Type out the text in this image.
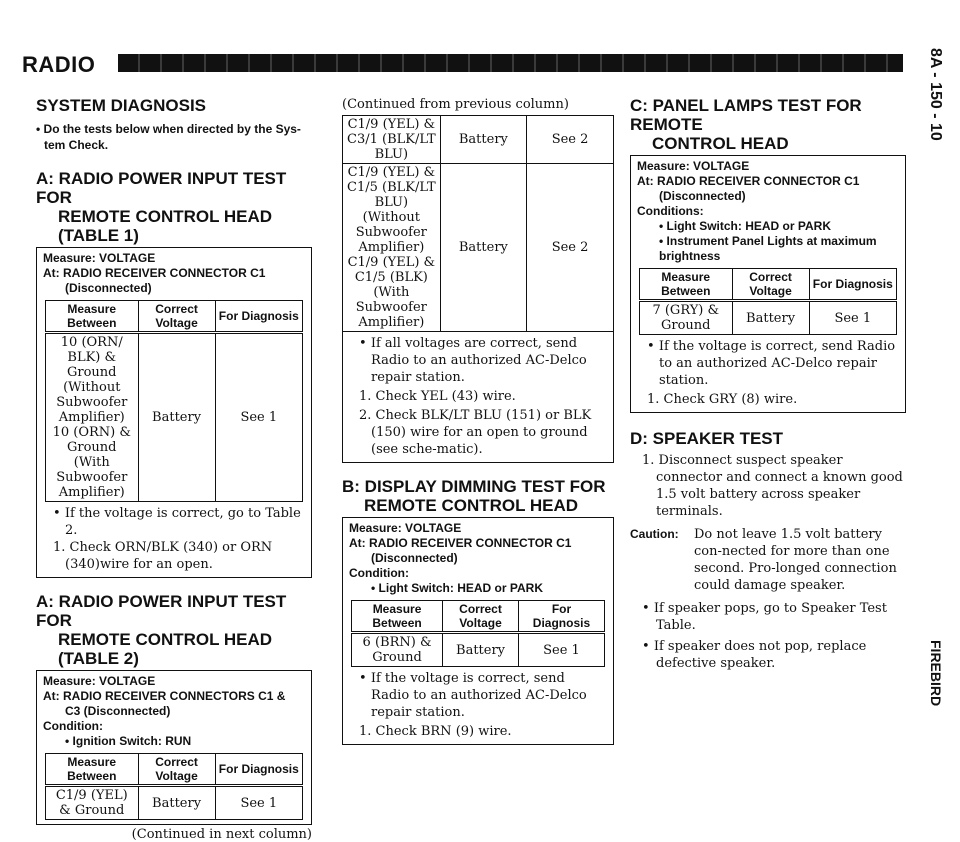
RADIO	8A - 150 - 10
FIREBIRD
SYSTEM DIAGNOSIS
• Do the tests below when directed by the Sys-tem Check.
A: RADIO POWER INPUT TEST FOR
REMOTE CONTROL HEAD (TABLE 1)
Measure: VOLTAGE
At: RADIO RECEIVER CONNECTOR C1
(Disconnected)
Measure Between	Correct Voltage	For Diagnosis
10 (ORN/ BLK) & Ground (Without Subwoofer Amplifier) 10 (ORN) & Ground (With Subwoofer Amplifier)	Battery	See 1
• If the voltage is correct, go to Table 2.
1. Check ORN/BLK (340) or ORN (340)wire for an open.
A: RADIO POWER INPUT TEST FOR
REMOTE CONTROL HEAD (TABLE 2)
Measure: VOLTAGE
At: RADIO RECEIVER CONNECTORS C1 &
C3 (Disconnected)
Condition:
• Ignition Switch: RUN
Measure Between	Correct Voltage	For Diagnosis
C1/9 (YEL) & Ground	Battery	See 1
(Continued in next column)
(Continued from previous column)
C1/9 (YEL) & C3/1 (BLK/LT BLU)	Battery	See 2
C1/9 (YEL) & C1/5 (BLK/LT BLU) (Without Subwoofer Amplifier) C1/9 (YEL) & C1/5 (BLK) (With Subwoofer Amplifier)	Battery	See 2
• If all voltages are correct, send Radio to an authorized AC-Delco repair station.
1. Check YEL (43) wire.
2. Check BLK/LT BLU (151) or BLK (150) wire for an open to ground (see sche-matic).
B: DISPLAY DIMMING TEST FOR
REMOTE CONTROL HEAD
Measure: VOLTAGE
At: RADIO RECEIVER CONNECTOR C1
(Disconnected)
Condition:
• Light Switch: HEAD or PARK
Measure Between	Correct Voltage	For Diagnosis
6 (BRN) & Ground	Battery	See 1
• If the voltage is correct, send Radio to an authorized AC-Delco repair station.
1. Check BRN (9) wire.
C: PANEL LAMPS TEST FOR REMOTE
CONTROL HEAD
Measure: VOLTAGE
At: RADIO RECEIVER CONNECTOR C1
(Disconnected)
Conditions:
• Light Switch: HEAD or PARK
• Instrument Panel Lights at maximum brightness
Measure Between	Correct Voltage	For Diagnosis
7 (GRY) & Ground	Battery	See 1
• If the voltage is correct, send Radio to an authorized AC-Delco repair station.
1. Check GRY (8) wire.
D: SPEAKER TEST
1. Disconnect suspect speaker connector and connect a known good 1.5 volt battery across speaker terminals.
Caution:	Do not leave 1.5 volt battery con-nected for more than one second. Pro-longed connection could damage speaker.
• If speaker pops, go to Speaker Test Table.
• If speaker does not pop, replace defective speaker.
